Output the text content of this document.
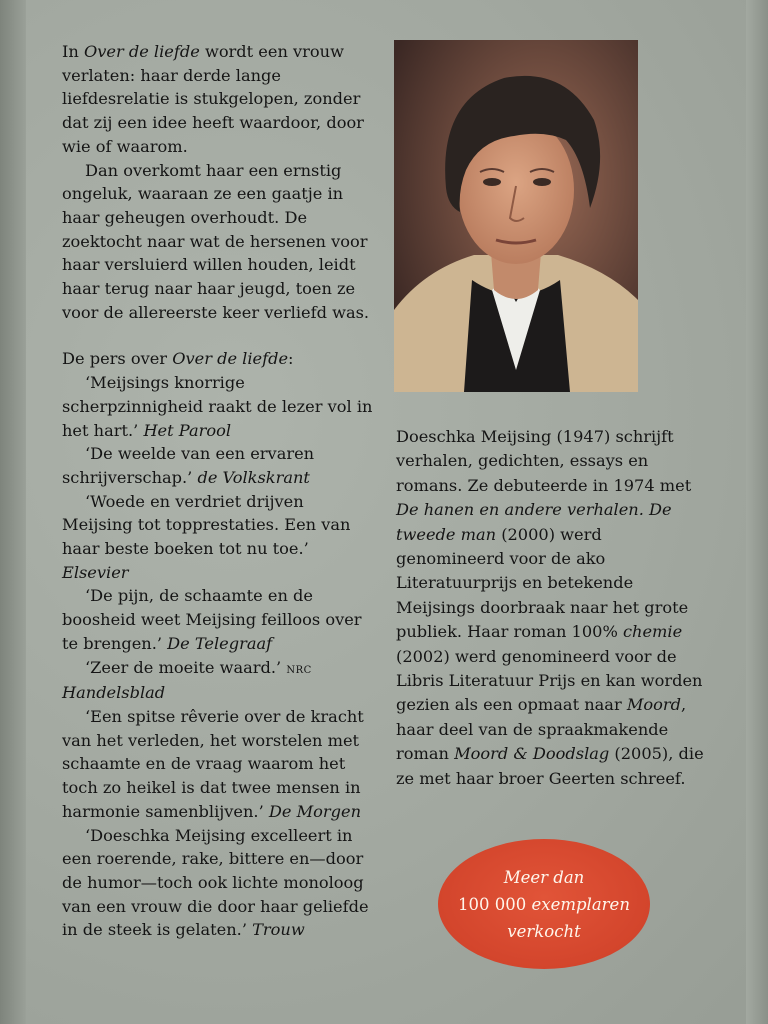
In Over de liefde wordt een vrouw verlaten: haar derde lange liefdesrelatie is stukgelopen, zonder dat zij een idee heeft waardoor, door wie of waarom.

Dan overkomt haar een ernstig ongeluk, waaraan ze een gaatje in haar geheugen overhoudt. De zoektocht naar wat de hersenen voor haar versluierd willen houden, leidt haar terug naar haar jeugd, toen ze voor de allereerste keer verliefd was.

De pers over Over de liefde:

‘Meijsings knorrige scherpzinnigheid raakt de lezer vol in het hart.’ Het Parool

‘De weelde van een ervaren schrijverschap.’ de Volkskrant

‘Woede en verdriet drijven Meijsing tot topprestaties. Een van haar beste boeken tot nu toe.’ Elsevier

‘De pijn, de schaamte en de boosheid weet Meijsing feilloos over te brengen.’ De Telegraaf

‘Zeer de moeite waard.’ nrc Handelsblad

‘Een spitse rêverie over de kracht van het verleden, het worstelen met schaamte en de vraag waarom het toch zo heikel is dat twee mensen in harmonie samenblijven.’ De Morgen

‘Doeschka Meijsing excelleert in een roerende, rake, bittere en—door de humor—toch ook lichte monoloog van een vrouw die door haar geliefde in de steek is gelaten.’ Trouw

Doeschka Meijsing (1947) schrijft verhalen, gedichten, essays en romans. Ze debuteerde in 1974 met De hanen en andere verhalen. De tweede man (2000) werd genomineerd voor de ako Literatuurprijs en betekende Meijsings doorbraak naar het grote publiek. Haar roman 100% chemie (2002) werd genomineerd voor de Libris Literatuur Prijs en kan worden gezien als een opmaat naar Moord, haar deel van de spraakmakende roman Moord & Doodslag (2005), die ze met haar broer Geerten schreef.

Meer dan
100 000 exemplaren
verkocht
